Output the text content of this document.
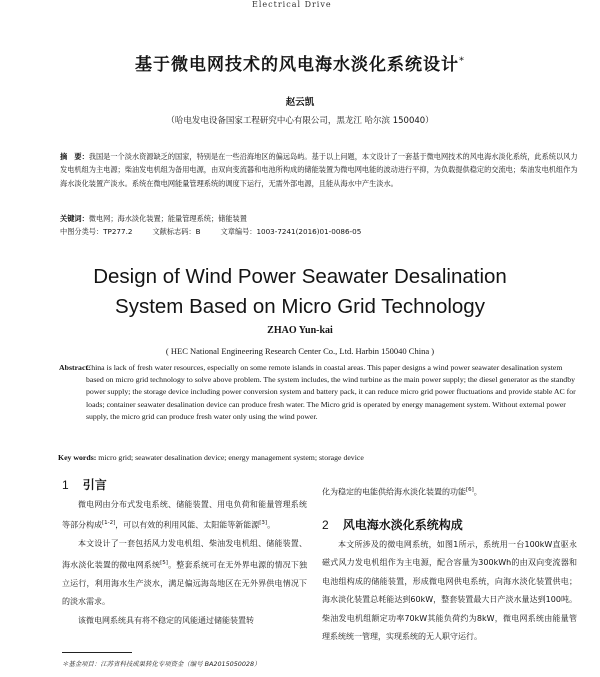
Electrical Drive
基于微电网技术的风电海水淡化系统设计*
赵云凯
（哈电发电设备国家工程研究中心有限公司，黑龙江 哈尔滨 150040）
摘　要：我国是一个淡水资源缺乏的国家，特别是在一些沿海地区的偏远岛屿。基于以上问题，本文设计了一套基于微电网技术的风电海水淡化系统，此系统以风力发电机组为主电源；柴油发电机组为备用电源，由双向变流器和电池所构成的储能装置为微电网电能的波动进行平抑，为负载提供稳定的交流电；柴油发电机组作为海水淡化装置产淡水。系统在微电网能量管理系统的调度下运行，无需外部电源，且能从海水中产生淡水。
关键词：微电网；海水淡化装置；能量管理系统；储能装置
中图分类号：TP277.2	文献标志码：B	文章编号：1003-7241(2016)01-0086-05
Design of Wind Power Seawater Desalination
System Based on Micro Grid Technology
ZHAO Yun-kai
( HEC National Engineering Research Center Co., Ltd. Harbin 150040 China )
Abstract:
China is lack of fresh water resources, especially on some remote islands in coastal areas. This paper designs a wind power seawater desalination system based on micro grid technology to solve above problem. The system includes, the wind turbine as the main power supply; the diesel generator as the standby power supply; the storage device including power conversion system and battery pack, it can reduce micro grid power fluctuations and provide stable AC for loads; container seawater desalination device can produce fresh water. The Micro grid is operated by energy management system. Without external power supply, the micro grid can produce fresh water only using the wind power.
Key words: micro grid; seawater desalination device; energy management system; storage device
1 引言

微电网由分布式发电系统、储能装置、用电负荷和能量管理系统等部分构成[1-2]，可以有效的利用风能、太阳能等新能源[3]。

本文设计了一套包括风力发电机组、柴油发电机组、储能装置、海水淡化装置的微电网系统[5]。整套系统可在无外界电源的情况下独立运行，利用海水生产淡水，满足偏远海岛地区在无外界供电情况下的淡水需求。

该微电网系统具有将不稳定的风能通过储能装置转

化为稳定的电能供给海水淡化装置的功能[6]。

本文所涉及的微电网系统，如图1所示，系统用一台100kW直驱永磁式风力发电机组作为主电源，配合容量为300kWh的由双向变流器和电池组构成的储能装置，形成微电网供电系统，向海水淡化装置供电；海水淡化装置总耗能达到60kW，整套装置最大日产淡水量达到100吨。柴油发电机组额定功率70kW其能负荷约为8kW，微电网系统由能量管理系统统一管理，实现系统的无人职守运行。

2 风电海水淡化系统构成
＊基金项目：江苏省科技成果转化专项资金（编号 BA2015050028）
